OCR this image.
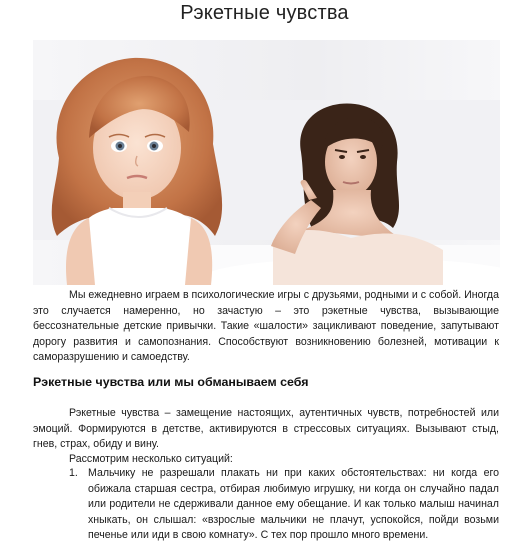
Рэкетные чувства

Мы ежедневно играем в психологические игры с друзьями, родными и с собой. Иногда это случается намеренно, но зачастую – это рэкетные чувства, вызывающие бессознательные детские привычки. Такие «шалости» зацикливают поведение, запутывают дорогу развития и самопознания. Способствуют возникновению болезней, мотивации к саморазрушению и самоедству.

Рэкетные чувства или мы обманываем себя

Рэкетные чувства – замещение настоящих, аутентичных чувств, потребностей или эмоций. Формируются в детстве, активируются в стрессовых ситуациях. Вызывают стыд, гнев, страх, обиду и вину.

Рассмотрим несколько ситуаций:

1. Мальчику не разрешали плакать ни при каких обстоятельствах: ни когда его обижала старшая сестра, отбирая любимую игрушку, ни когда он случайно падал или родители не сдерживали данное ему обещание. И как только малыш начинал хныкать, он слышал: «взрослые мальчики не плачут, успокойся, пойди возьми печенье или иди в свою комнату». С тех пор прошло много времени.
